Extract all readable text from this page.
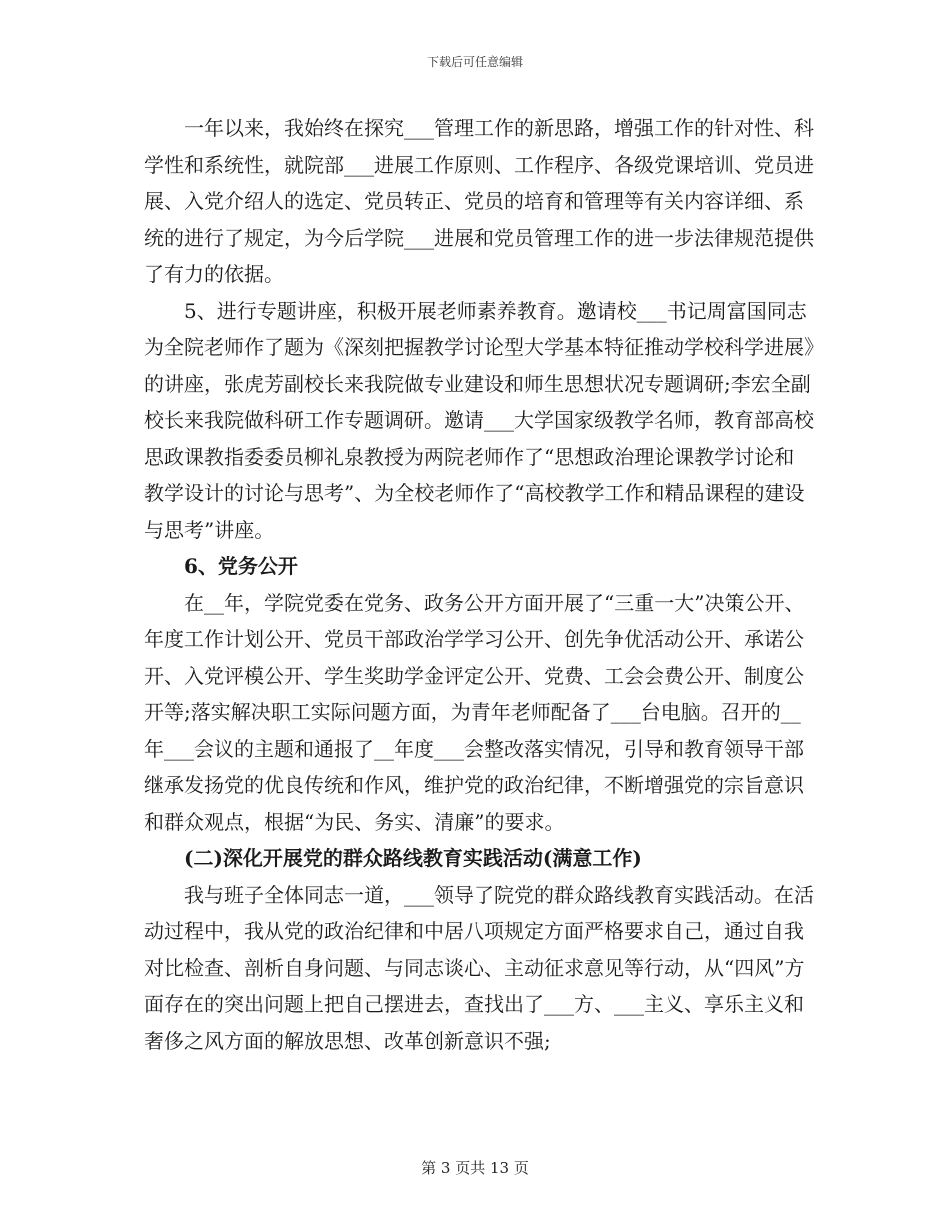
下载后可任意编辑

一年以来，我始终在探究___管理工作的新思路，增强工作的针对性、科学性和系统性，就院部___进展工作原则、工作程序、各级党课培训、党员进展、入党介绍人的选定、党员转正、党员的培育和管理等有关内容详细、系统的进行了规定，为今后学院___进展和党员管理工作的进一步法律规范提供了有力的依据。

5、进行专题讲座，积极开展老师素养教育。邀请校___书记周富国同志为全院老师作了题为《深刻把握教学讨论型大学基本特征推动学校科学进展》的讲座，张虎芳副校长来我院做专业建设和师生思想状况专题调研;李宏全副校长来我院做科研工作专题调研。邀请___大学国家级教学名师，教育部高校思政课教指委委员柳礼泉教授为两院老师作了“思想政治理论课教学讨论和教学设计的讨论与思考”、为全校老师作了“高校教学工作和精品课程的建设与思考”讲座。

6、党务公开

在__年，学院党委在党务、政务公开方面开展了“三重一大”决策公开、年度工作计划公开、党员干部政治学学习公开、创先争优活动公开、承诺公开、入党评模公开、学生奖助学金评定公开、党费、工会会费公开、制度公开等;落实解决职工实际问题方面，为青年老师配备了___台电脑。召开的__年___会议的主题和通报了__年度___会整改落实情况，引导和教育领导干部继承发扬党的优良传统和作风，维护党的政治纪律，不断增强党的宗旨意识和群众观点，根据“为民、务实、清廉”的要求。

(二)深化开展党的群众路线教育实践活动(满意工作)

我与班子全体同志一道，___领导了院党的群众路线教育实践活动。在活动过程中，我从党的政治纪律和中居八项规定方面严格要求自己，通过自我对比检查、剖析自身问题、与同志谈心、主动征求意见等行动，从“四风”方面存在的突出问题上把自己摆进去，查找出了___方、___主义、享乐主义和奢侈之风方面的解放思想、改革创新意识不强;

第 3 页共 13 页
